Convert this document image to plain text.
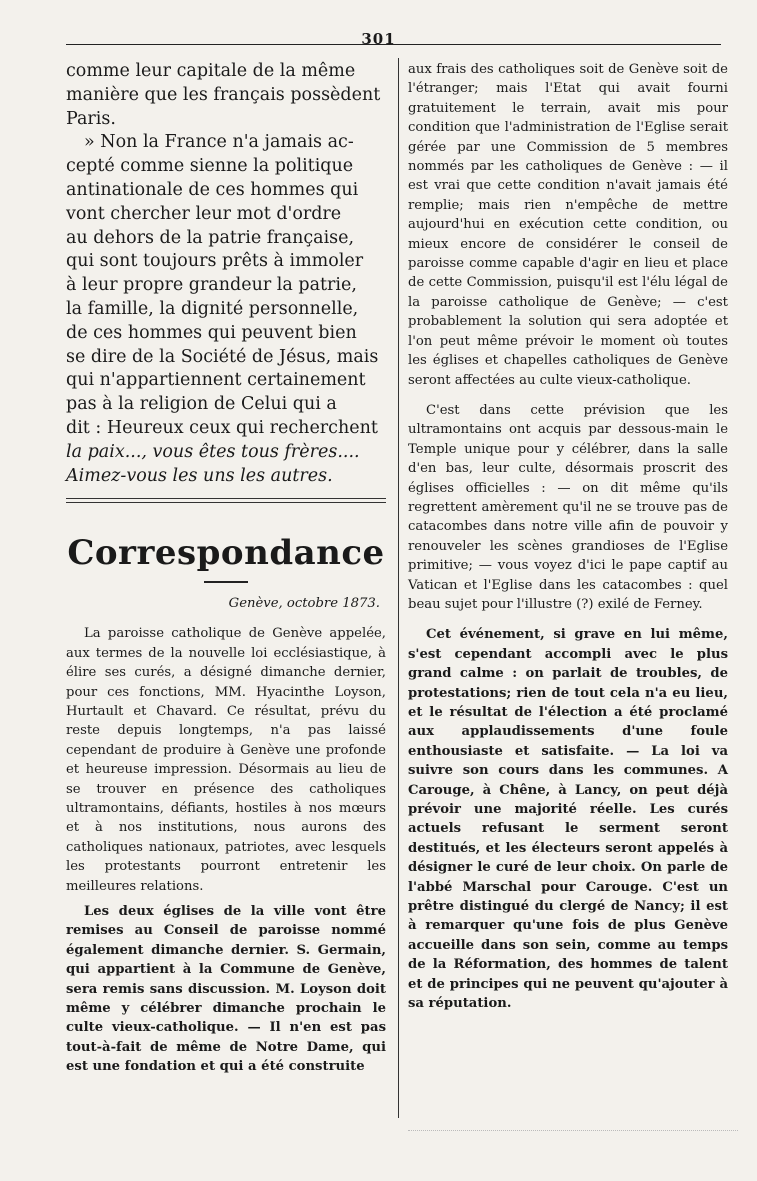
301
comme leur capitale de la même
manière que les français possèdent
Paris.
» Non la France n'a jamais ac-
cepté comme sienne la politique
antinationale de ces hommes qui
vont chercher leur mot d'ordre
au dehors de la patrie française,
qui sont toujours prêts à immoler
à leur propre grandeur la patrie,
la famille, la dignité personnelle,
de ces hommes qui peuvent bien
se dire de la Société de Jésus, mais
qui n'appartiennent certainement
pas à la religion de Celui qui a
dit : Heureux ceux qui recherchent
la paix..., vous êtes tous frères....
Aimez-vous les uns les autres.
Correspondance
Genève, octobre 1873.

La paroisse catholique de Genève appelée, aux termes de la nouvelle loi ecclésiastique, à élire ses curés, a désigné dimanche dernier, pour ces fonctions, MM. Hyacinthe Loyson, Hurtault et Chavard. Ce résultat, prévu du reste depuis longtemps, n'a pas laissé cependant de produire à Genève une profonde et heureuse impression. Désormais au lieu de se trouver en présence des catholiques ultramontains, défiants, hostiles à nos mœurs et à nos institutions, nous aurons des catholiques nationaux, patriotes, avec lesquels les protestants pourront entretenir les meilleures relations.

Les deux églises de la ville vont être remises au Conseil de paroisse nommé également dimanche dernier. S. Germain, qui appartient à la Commune de Genève, sera remis sans discussion. M. Loyson doit même y célébrer dimanche prochain le culte vieux-catholique. — Il n'en est pas tout-à-fait de même de Notre Dame, qui est une fondation et qui a été construite

aux frais des catholiques soit de Genève soit de l'étranger; mais l'Etat qui avait fourni gratuitement le terrain, avait mis pour condition que l'administration de l'Eglise serait gérée par une Commission de 5 membres nommés par les catholiques de Genève : — il est vrai que cette condition n'avait jamais été remplie; mais rien n'empêche de mettre aujourd'hui en exécution cette condition, ou mieux encore de considérer le conseil de paroisse comme capable d'agir en lieu et place de cette Commission, puisqu'il est l'élu légal de la paroisse catholique de Genève; — c'est probablement la solution qui sera adoptée et l'on peut même prévoir le moment où toutes les églises et chapelles catholiques de Genève seront affectées au culte vieux-catholique.

C'est dans cette prévision que les ultramontains ont acquis par dessous-main le Temple unique pour y célébrer, dans la salle d'en bas, leur culte, désormais proscrit des églises officielles : — on dit même qu'ils regrettent amèrement qu'il ne se trouve pas de catacombes dans notre ville afin de pouvoir y renouveler les scènes grandioses de l'Eglise primitive; — vous voyez d'ici le pape captif au Vatican et l'Eglise dans les catacombes : quel beau sujet pour l'illustre (?) exilé de Ferney.

Cet événement, si grave en lui même, s'est cependant accompli avec le plus grand calme : on parlait de troubles, de protestations; rien de tout cela n'a eu lieu, et le résultat de l'élection a été proclamé aux applaudissements d'une foule enthousiaste et satisfaite. — La loi va suivre son cours dans les communes. A Carouge, à Chêne, à Lancy, on peut déjà prévoir une majorité réelle. Les curés actuels refusant le serment seront destitués, et les électeurs seront appelés à désigner le curé de leur choix. On parle de l'abbé Marschal pour Carouge. C'est un prêtre distingué du clergé de Nancy; il est à remarquer qu'une fois de plus Genève accueille dans son sein, comme au temps de la Réformation, des hommes de talent et de principes qui ne peuvent qu'ajouter à sa réputation.
